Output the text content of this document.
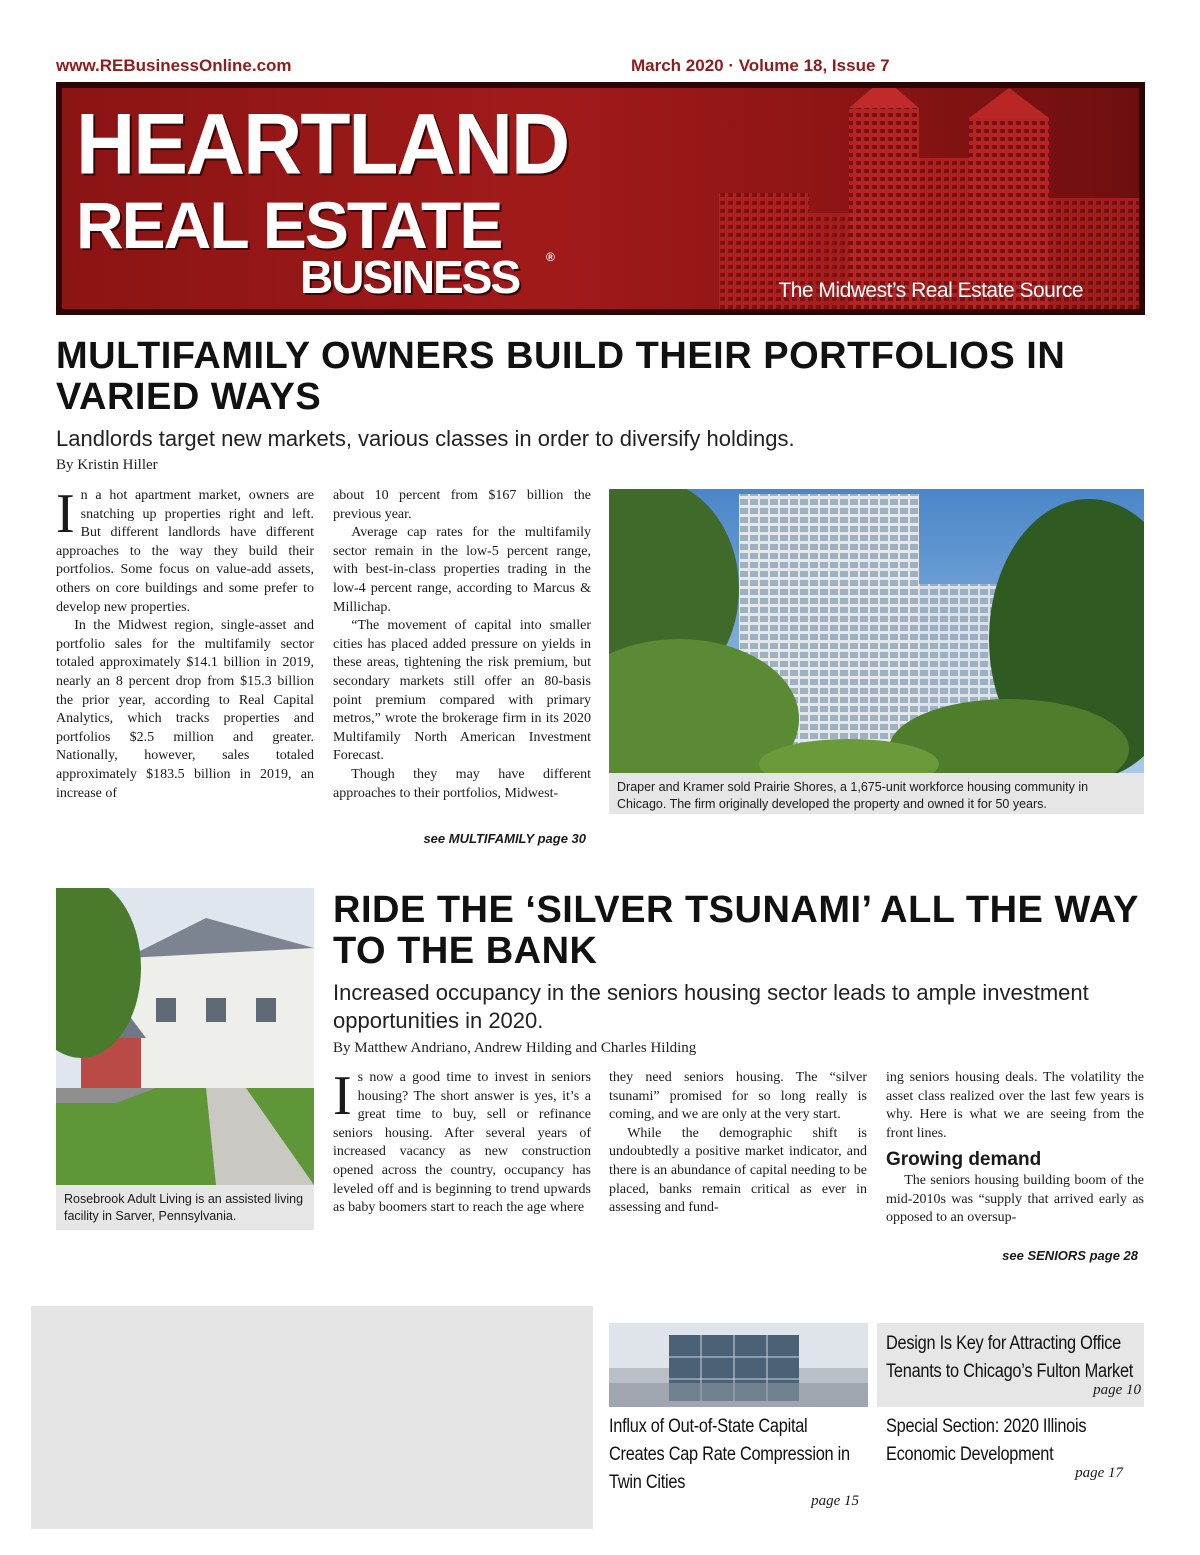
www.REBusinessOnline.com	March 2020 · Volume 18, Issue 7
HEARTLAND
REAL ESTATE
BUSINESS ®
The Midwest’s Real Estate Source
MULTIFAMILY OWNERS BUILD THEIR PORTFOLIOS IN VARIED WAYS
Landlords target new markets, various classes in order to diversify holdings.
By Kristin Hiller

In a hot apartment market, owners are snatching up properties right and left. But different landlords have different approaches to the way they build their portfolios. Some focus on value-add assets, others on core buildings and some prefer to develop new properties.

In the Midwest region, single-asset and portfolio sales for the multifamily sector totaled approximately $14.1 billion in 2019, nearly an 8 percent drop from $15.3 billion the prior year, according to Real Capital Analytics, which tracks properties and portfolios $2.5 million and greater. Nationally, however, sales totaled approximately $183.5 billion in 2019, an increase of

about 10 percent from $167 billion the previous year.

Average cap rates for the multifamily sector remain in the low-5 percent range, with best-in-class properties trading in the low-4 percent range, according to Marcus & Millichap.

“The movement of capital into smaller cities has placed added pressure on yields in these areas, tightening the risk premium, but secondary markets still offer an 80-basis point premium compared with primary metros,” wrote the brokerage firm in its 2020 Multifamily North American Investment Forecast.

Though they may have different approaches to their portfolios, Midwest-

see MULTIFAMILY page 30
Draper and Kramer sold Prairie Shores, a 1,675-unit workforce housing community in Chicago. The firm originally developed the property and owned it for 50 years.
Rosebrook Adult Living is an assisted living facility in Sarver, Pennsylvania.
RIDE THE ‘SILVER TSUNAMI’ ALL THE WAY TO THE BANK
Increased occupancy in the seniors housing sector leads to ample investment opportunities in 2020.
By Matthew Andriano, Andrew Hilding and Charles Hilding

Is now a good time to invest in seniors housing? The short answer is yes, it’s a great time to buy, sell or refinance seniors housing. After several years of increased vacancy as new construction opened across the country, occupancy has leveled off and is beginning to trend upwards as baby boomers start to reach the age where

they need seniors housing. The “silver tsunami” promised for so long really is coming, and we are only at the very start.

While the demographic shift is undoubtedly a positive market indicator, and there is an abundance of capital needing to be placed, banks remain critical as ever in assessing and fund-

ing seniors housing deals. The volatility the asset class realized over the last few years is why. Here is what we are seeing from the front lines.

Growing demand

The seniors housing building boom of the mid-2010s was “supply that arrived early as opposed to an oversup-

see SENIORS page 28
Design Is Key for Attracting Office Tenants to Chicago’s Fulton Market
page 10
Influx of Out-of-State Capital Creates Cap Rate Compression in Twin Cities
page 15
Special Section: 2020 Illinois Economic Development
page 17
